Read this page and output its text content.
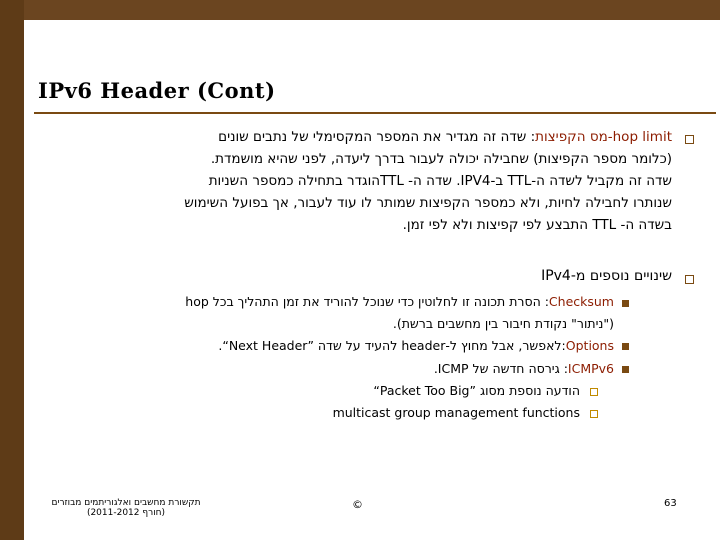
IPv6 Header (Cont)
hop limit-מס הקפיצות: שדה זה מגדיר את המספר המקסימלי של נתבים שונים
(כלומר מספר הקפיצות) שחבילה יכולה לעבור בדרך ליעדה, לפני שהיא מושמדת.
שדה זה מקביל לשדה ה-TTL ב-IPV4. שדה ה- TTLהוגדר בתחילה כמספר השניות
שנותרו לחבילה לחיות, ולא כמספר הקפיצות שמותר לו עוד לעבור, אך בפועל השימוש
בשדה ה- TTL התבצע לפי קפיצות ולא לפי זמן.
שינויים נוספים מ-IPv4
Checksum: הסרת תכונה זו לחלוטין כדי שנוכל להוריד את זמן התהליך בכל hop
("ניתור" נקודת חיבור בין מחשבים ברשת).
Options:לאפשר, אבל מחוץ ל-header להעיד על שדה ”Next Header“.
ICMPv6: גירסה חדשה של ICMP.
הודעה נוספת מסוג ”Packet Too Big“
multicast group management functions
תקשורת מחשבים ואלגוריתמים מבוזרים
(חורף 2011-2012)
©	63
